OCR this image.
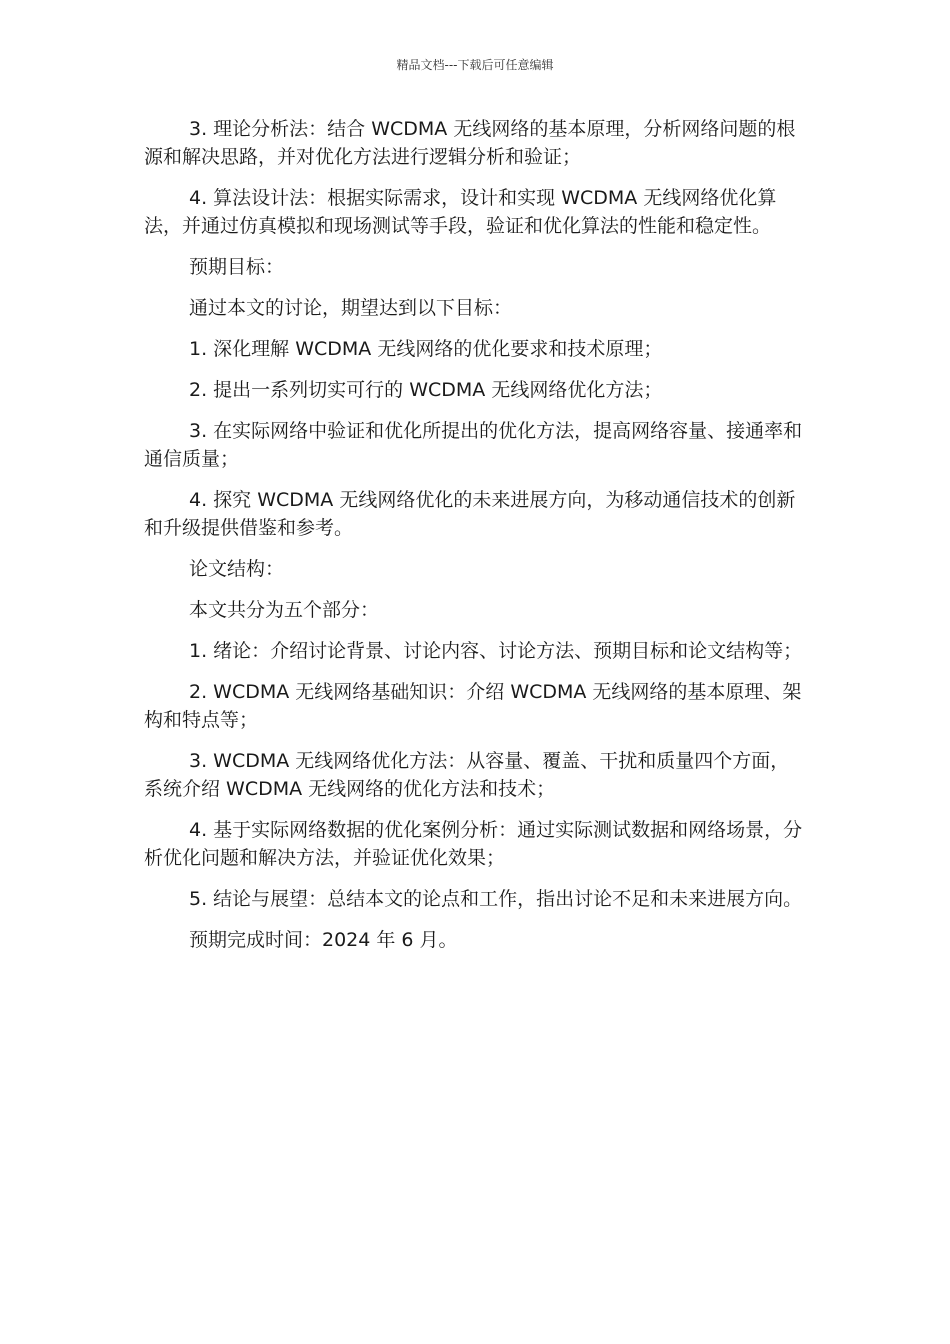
精品文档---下载后可任意编辑

3. 理论分析法：结合 WCDMA 无线网络的基本原理，分析网络问题的根源和解决思路，并对优化方法进行逻辑分析和验证；

4. 算法设计法：根据实际需求，设计和实现 WCDMA 无线网络优化算法，并通过仿真模拟和现场测试等手段，验证和优化算法的性能和稳定性。

预期目标：

通过本文的讨论，期望达到以下目标：

1. 深化理解 WCDMA 无线网络的优化要求和技术原理；

2. 提出一系列切实可行的 WCDMA 无线网络优化方法；

3. 在实际网络中验证和优化所提出的优化方法，提高网络容量、接通率和通信质量；

4. 探究 WCDMA 无线网络优化的未来进展方向，为移动通信技术的创新和升级提供借鉴和参考。

论文结构：

本文共分为五个部分：

1. 绪论：介绍讨论背景、讨论内容、讨论方法、预期目标和论文结构等；

2. WCDMA 无线网络基础知识：介绍 WCDMA 无线网络的基本原理、架构和特点等；

3. WCDMA 无线网络优化方法：从容量、覆盖、干扰和质量四个方面，系统介绍 WCDMA 无线网络的优化方法和技术；

4. 基于实际网络数据的优化案例分析：通过实际测试数据和网络场景，分析优化问题和解决方法，并验证优化效果；

5. 结论与展望：总结本文的论点和工作，指出讨论不足和未来进展方向。

预期完成时间：2024 年 6 月。
